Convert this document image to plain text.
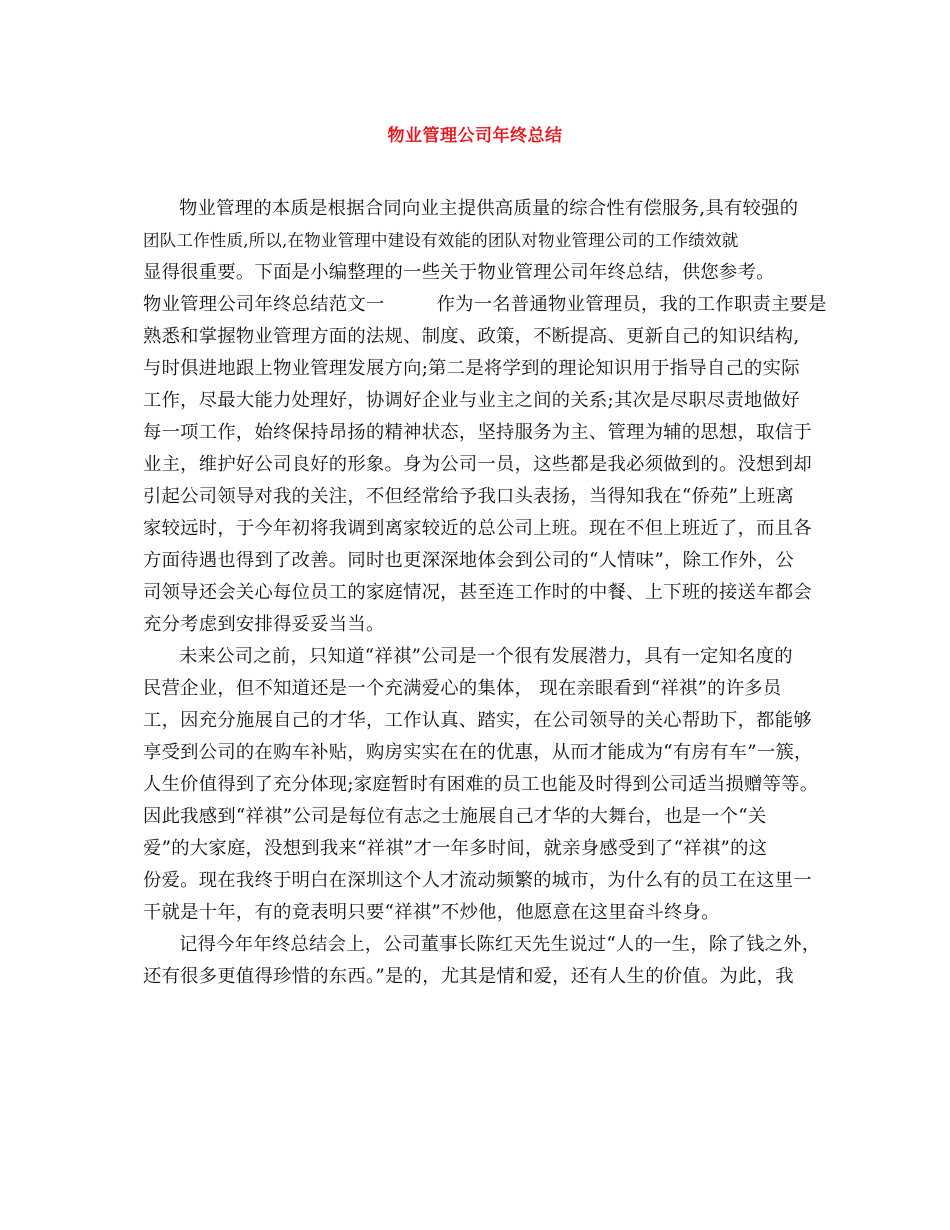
物业管理公司年终总结
物业管理的本质是根据合同向业主提供高质量的综合性有偿服务,具有较强的
团队工作性质,所以,在物业管理中建设有效能的团队对物业管理公司的工作绩效就
显得很重要。下面是小编整理的一些关于物业管理公司年终总结，供您参考。
物业管理公司年终总结范文一	作为一名普通物业管理员，我的工作职责主要是
熟悉和掌握物业管理方面的法规、制度、政策，不断提高、更新自己的知识结构,
与时俱进地跟上物业管理发展方向;第二是将学到的理论知识用于指导自己的实际
工作，尽最大能力处理好，协调好企业与业主之间的关系;其次是尽职尽责地做好
每一项工作，始终保持昂扬的精神状态，坚持服务为主、管理为辅的思想，取信于
业主，维护好公司良好的形象。身为公司一员，这些都是我必须做到的。没想到却
引起公司领导对我的关注，不但经常给予我口头表扬，当得知我在“侨苑”上班离
家较远时，于今年初将我调到离家较近的总公司上班。现在不但上班近了，而且各
方面待遇也得到了改善。同时也更深深地体会到公司的“人情味”，除工作外，公
司领导还会关心每位员工的家庭情况，甚至连工作时的中餐、上下班的接送车都会
充分考虑到安排得妥妥当当。
未来公司之前，只知道“祥祺”公司是一个很有发展潜力，具有一定知名度的
民营企业，但不知道还是一个充满爱心的集体， 现在亲眼看到“祥祺”的许多员
工，因充分施展自己的才华，工作认真、踏实，在公司领导的关心帮助下，都能够
享受到公司的在购车补贴，购房实实在在的优惠，从而才能成为“有房有车”一簇，
人生价值得到了充分体现;家庭暂时有困难的员工也能及时得到公司适当损赠等等。
因此我感到“祥祺”公司是每位有志之士施展自己才华的大舞台，也是一个“关
爱”的大家庭，没想到我来“祥祺”才一年多时间，就亲身感受到了“祥祺”的这
份爱。现在我终于明白在深圳这个人才流动频繁的城市，为什么有的员工在这里一
干就是十年，有的竟表明只要“祥祺”不炒他，他愿意在这里奋斗终身。
记得今年年终总结会上，公司董事长陈红天先生说过“人的一生，除了钱之外，
还有很多更值得珍惜的东西。”是的，尤其是情和爱，还有人生的价值。为此，我
